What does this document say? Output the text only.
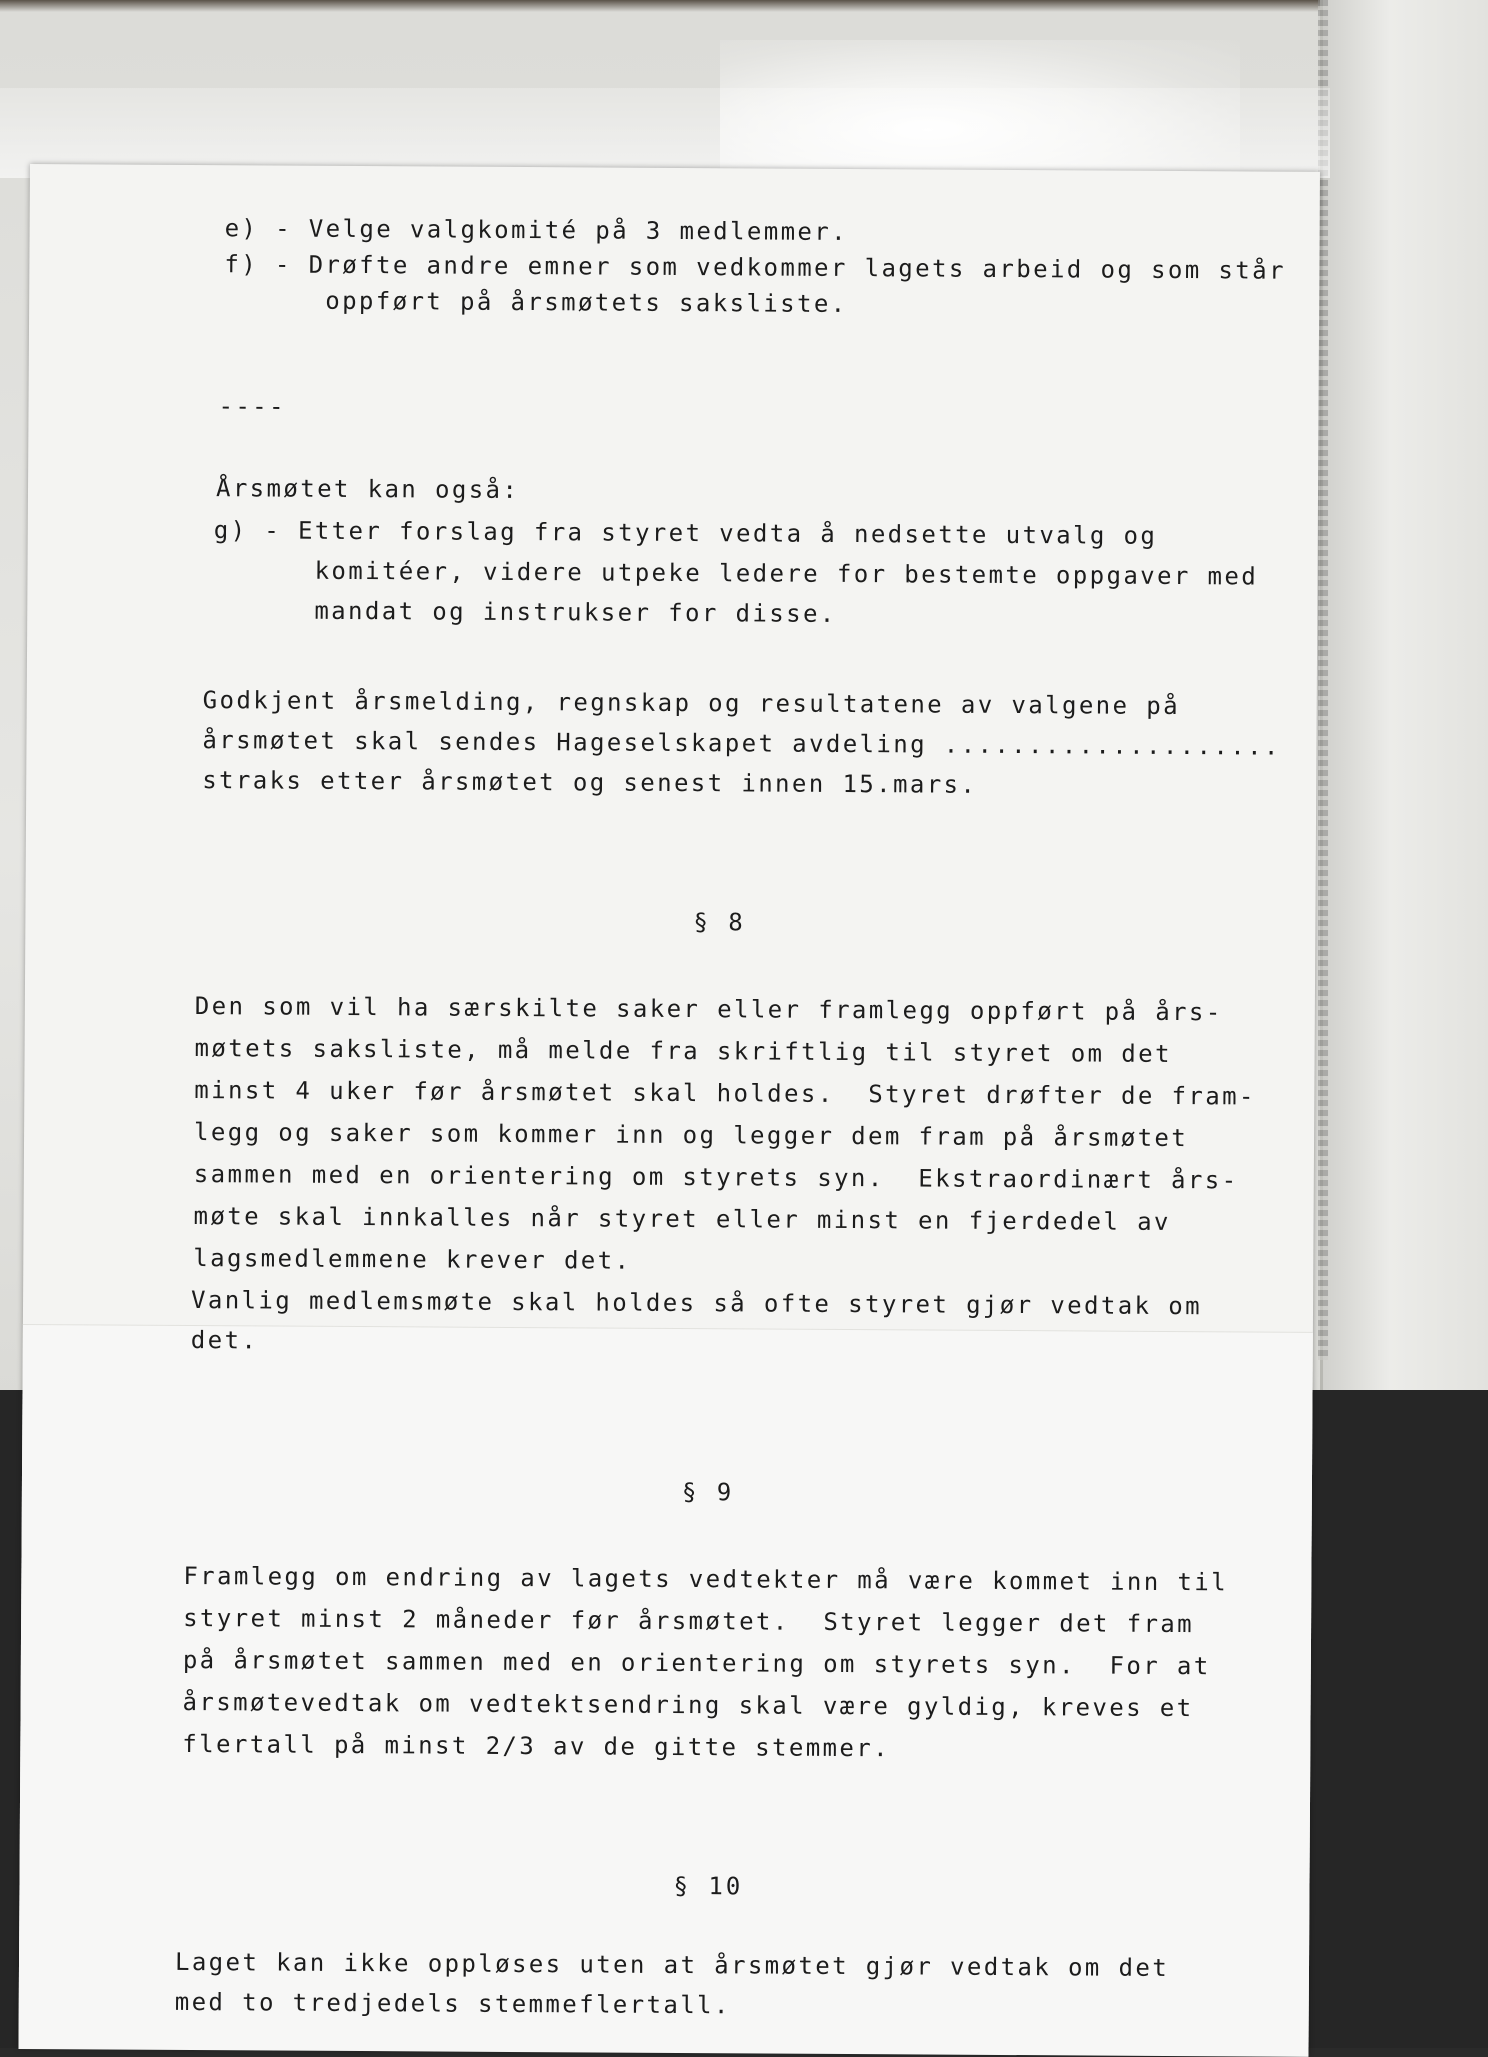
e) - Velge valgkomité på 3 medlemmer.
f) - Drøfte andre emner som vedkommer lagets arbeid og som står
oppført på årsmøtets saksliste.
----
Årsmøtet kan også:
g) - Etter forslag fra styret vedta å nedsette utvalg og
komitéer, videre utpeke ledere for bestemte oppgaver med
mandat og instrukser for disse.
Godkjent årsmelding, regnskap og resultatene av valgene på
årsmøtet skal sendes Hageselskapet avdeling ....................
straks etter årsmøtet og senest innen 15.mars.
§ 8
Den som vil ha særskilte saker eller framlegg oppført på års-
møtets saksliste, må melde fra skriftlig til styret om det
minst 4 uker før årsmøtet skal holdes.  Styret drøfter de fram-
legg og saker som kommer inn og legger dem fram på årsmøtet
sammen med en orientering om styrets syn.  Ekstraordinært års-
møte skal innkalles når styret eller minst en fjerdedel av
lagsmedlemmene krever det.
Vanlig medlemsmøte skal holdes så ofte styret gjør vedtak om
det.
§ 9
Framlegg om endring av lagets vedtekter må være kommet inn til
styret minst 2 måneder før årsmøtet.  Styret legger det fram
på årsmøtet sammen med en orientering om styrets syn.  For at
årsmøtevedtak om vedtektsendring skal være gyldig, kreves et
flertall på minst 2/3 av de gitte stemmer.
§ 10
Laget kan ikke oppløses uten at årsmøtet gjør vedtak om det
med to tredjedels stemmeflertall.
